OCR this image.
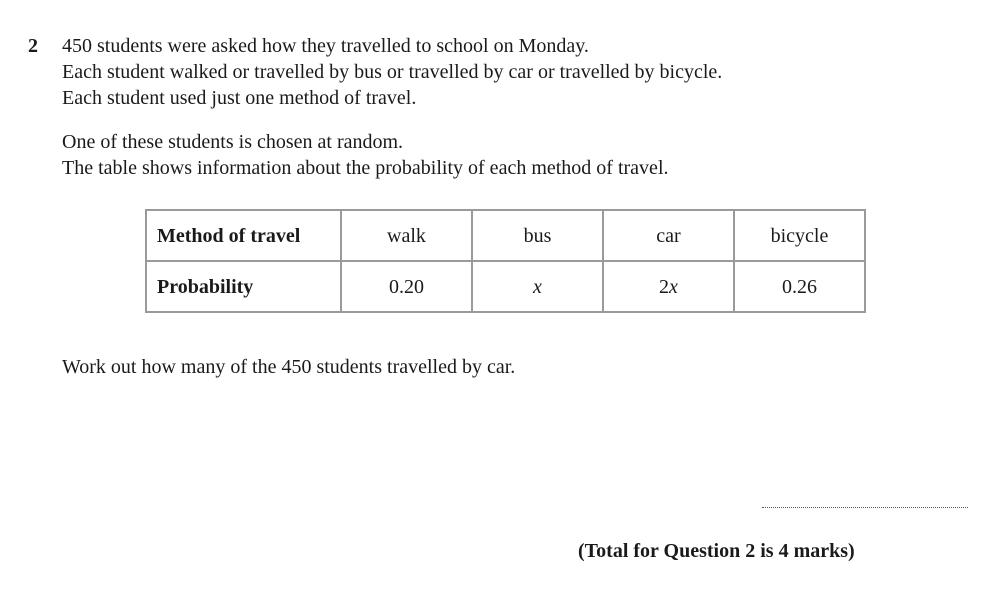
2 450 students were asked how they travelled to school on Monday.
Each student walked or travelled by bus or travelled by car or travelled by bicycle.
Each student used just one method of travel.
One of these students is chosen at random.
The table shows information about the probability of each method of travel.
Method of travel	walk	bus	car	bicycle
Probability	0.20	x	2x	0.26
Work out how many of the 450 students travelled by car.
(Total for Question 2 is 4 marks)
